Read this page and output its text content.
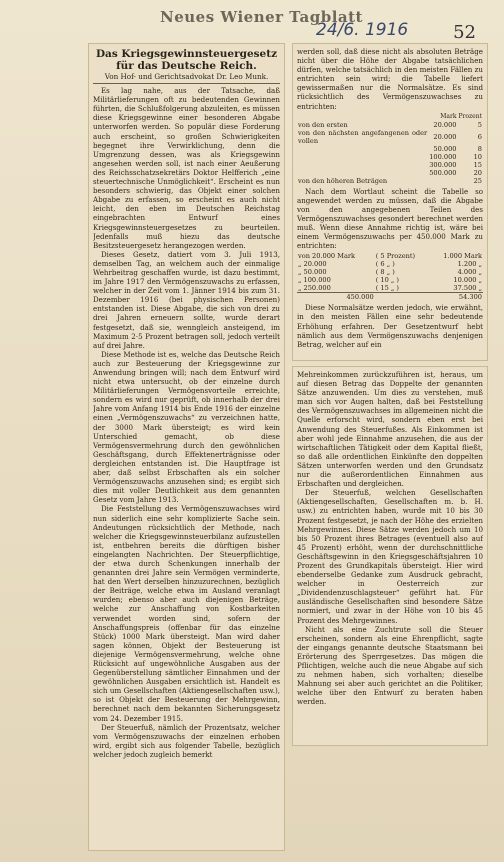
Neues Wiener Tagblatt
24/6. 1916 52

Das Kriegsgewinnsteuergesetz für das Deutsche Reich.

Von Hof- und Gerichtsadvokat Dr. Leo Munk.

Es lag nahe, aus der Tatsache, daß Militärlieferungen oft zu bedeutenden Gewinnen führten, die Schlußfolgerung abzuleiten, es müssen diese Kriegsgewinne einer besonderen Abgabe unterworfen werden. So populär diese Forderung auch erscheint, so großen Schwierigkeiten begegnet ihre Verwirklichung, denn die Umgrenzung dessen, was als Kriegsgewinn angesehen werden soll, ist nach einer Aeußerung des Reichsschatzsekretärs Doktor Helfferich „eine steuertechnische Unmöglichkeit“. Erscheint es nun besonders schwierig, das Objekt einer solchen Abgabe zu erfassen, so erscheint es auch nicht leicht, den eben im Deutschen Reichstag eingebrachten Entwurf eines Kriegsgewinnsteuergesetzes zu beurteilen. Jedenfalls muß hiezu das deutsche Besitzsteuergesetz herangezogen werden.

Dieses Gesetz, datiert vom 3. Juli 1913, demselben Tag, an welchem auch der einmalige Wehrbeitrag geschaffen wurde, ist dazu bestimmt, im Jahre 1917 den Vermögenszuwachs zu erfassen, welcher in der Zeit vom 1. Jänner 1914 bis zum 31. Dezember 1916 (bei physischen Personen) entstanden ist. Diese Abgabe, die sich von drei zu drei Jahren erneuern sollte, wurde derart festgesetzt, daß sie, wenngleich ansteigend, im Maximum 2·5 Prozent betragen soll, jedoch verteilt auf drei Jahre.

Diese Methode ist es, welche das Deutsche Reich auch zur Besteuerung der Kriegsgewinne zur Anwendung bringen will; nach dem Entwurf wird nicht etwa untersucht, ob der einzelne durch Militärlieferungen Vermögensvorteile erreichte, sondern es wird nur geprüft, ob innerhalb der drei Jahre vom Anfang 1914 bis Ende 1916 der einzelne einen „Vermögenszuwachs“ zu verzeichnen hatte, der 3000 Mark übersteigt; es wird kein Unterschied gemacht, ob diese Vermögensvermehrung durch den gewöhnlichen Geschäftsgang, durch Effektenerträgnisse oder dergleichen entstanden ist. Die Hauptfrage ist aber, daß selbst Erbschaften als ein solcher Vermögenszuwachs anzusehen sind; es ergibt sich dies mit voller Deutlichkeit aus dem genannten Gesetz vom Jahre 1913.

Die Feststellung des Vermögenszuwachses wird nun siderlich eine sehr komplizierte Sache sein. Andeutungen rücksichtlich der Methode, nach welcher die Kriegsgewinnsteuerbilanz aufzustellen ist, entbehren bereits die dürftigen bisher eingelangten Nachrichten. Der Steuerpflichtige, der etwa durch Schenkungen innerhalb der genannten drei Jahre sein Vermögen verminderte, hat den Wert derselben hinzuzurechnen, bezüglich der Beiträge, welche etwa im Ausland veranlagt wurden; ebenso aber auch diejenigen Beträge, welche zur Anschaffung von Kostbarkeiten verwendet worden sind, sofern der Anschaffungspreis (offenbar für das einzelne Stück) 1000 Mark übersteigt. Man wird daher sagen können, Objekt der Besteuerung ist diejenige Vermögensvermehrung, welche ohne Rücksicht auf ungewöhnliche Ausgaben aus der Gegenüberstellung sämtlicher Einnahmen und der gewöhnlichen Ausgaben ersichtlich ist. Handelt es sich um Gesellschaften (Aktiengesellschaften usw.), so ist Objekt der Besteuerung der Mehrgewinn, berechnet nach dem bekannten Sicherungsgesetz vom 24. Dezember 1915.

Der Steuerfuß, nämlich der Prozentsatz, welcher vom Vermögenszuwachs der einzelnen erhoben wird, ergibt sich aus folgender Tabelle, bezüglich welcher jedoch zugleich bemerkt

werden soll, daß diese nicht als absoluten Beträge nicht über die Höhe der Abgabe tatsächlichen dürfen, welche tatsächlich in den meisten Fällen zu entrichten sein wird; die Tabelle liefert gewissermaßen nur die Normalsätze. Es sind rücksichtlich des Vermögenszuwachses zu entrichten:

	Mark	Prozent
von den ersten	20.000	5
von den nächsten angefangenen oder vollen	20.000	6
	50.000	8
	100.000	10
	300.000	15
	500.000	20
von den höheren Beträgen		25

Nach dem Wortlaut scheint die Tabelle so angewendet werden zu müssen, daß die Abgabe von den angegebenen Teilen des Vermögenszuwachses gesondert berechnet werden muß. Wenn diese Annahme richtig ist, wäre bei einem Vermögenszuwachs per 450.000 Mark zu entrichten:

von 20.000 Mark	( 5 Prozent)	1.000 Mark
„ 20.000	( 6 „ )	1.200 „
„ 50.000	( 8 „ )	4.000 „
„ 100.000	( 10 „ )	10.000 „
„ 250.000	( 15 „ )	37.500 „
450.000		54.300

Diese Normalsätze werden jedoch, wie erwähnt, in den meisten Fällen eine sehr bedeutende Erhöhung erfahren. Der Gesetzentwurf hebt nämlich aus dem Vermögenszuwachs denjenigen Betrag, welcher auf ein

Mehreinkommen zurückzuführen ist, heraus, um auf diesen Betrag das Doppelte der genannten Sätze anzuwenden. Um dies zu verstehen, muß man sich vor Augen halten, daß bei Feststellung des Vermögenszuwachses im allgemeinen nicht die Quelle erforscht wird, sondern eben erst bei Anwendung des Steuerfußes. Als Einkommen ist aber wohl jede Einnahme anzusehen, die aus der wirtschaftlichen Tätigkeit oder dem Kapital fließt, so daß alle ordentlichen Einkünfte den doppelten Sätzen unterworfen werden und den Grundsatz nur die außerordentlichen Einnahmen aus Erbschaften und dergleichen.

Der Steuerfuß, welchen Gesellschaften (Aktiengesellschaften, Gesellschaften m. b. H. usw.) zu entrichten haben, wurde mit 10 bis 30 Prozent festgesetzt, je nach der Höhe des erzielten Mehrgewinnes. Diese Sätze werden jedoch um 10 bis 50 Prozent ihres Betrages (eventuell also auf 45 Prozent) erhöht, wenn der durchschnittliche Geschäftsgewinn in den Kriegsgeschäftsjahren 10 Prozent des Grundkapitals übersteigt. Hier wird ebenderselbe Gedanke zum Ausdruck gebracht, welcher in Oesterreich zur „Dividendenzuschlagsteuer“ geführt hat. Für ausländische Gesellschaften sind besondere Sätze normiert, und zwar in der Höhe von 10 bis 45 Prozent des Mehrgewinnes.

Nicht als eine Zuchtrute soll die Steuer erscheinen, sondern als eine Ehrenpflicht, sagte der eingangs genannte deutsche Staatsmann bei Erörterung des Sperrgesetzes. Das mögen die Pflichtigen, welche auch die neue Abgabe auf sich zu nehmen haben, sich vorhalten; dieselbe Mahnung sei aber auch gerichtet an die Politiker, welche über den Entwurf zu beraten haben werden.
